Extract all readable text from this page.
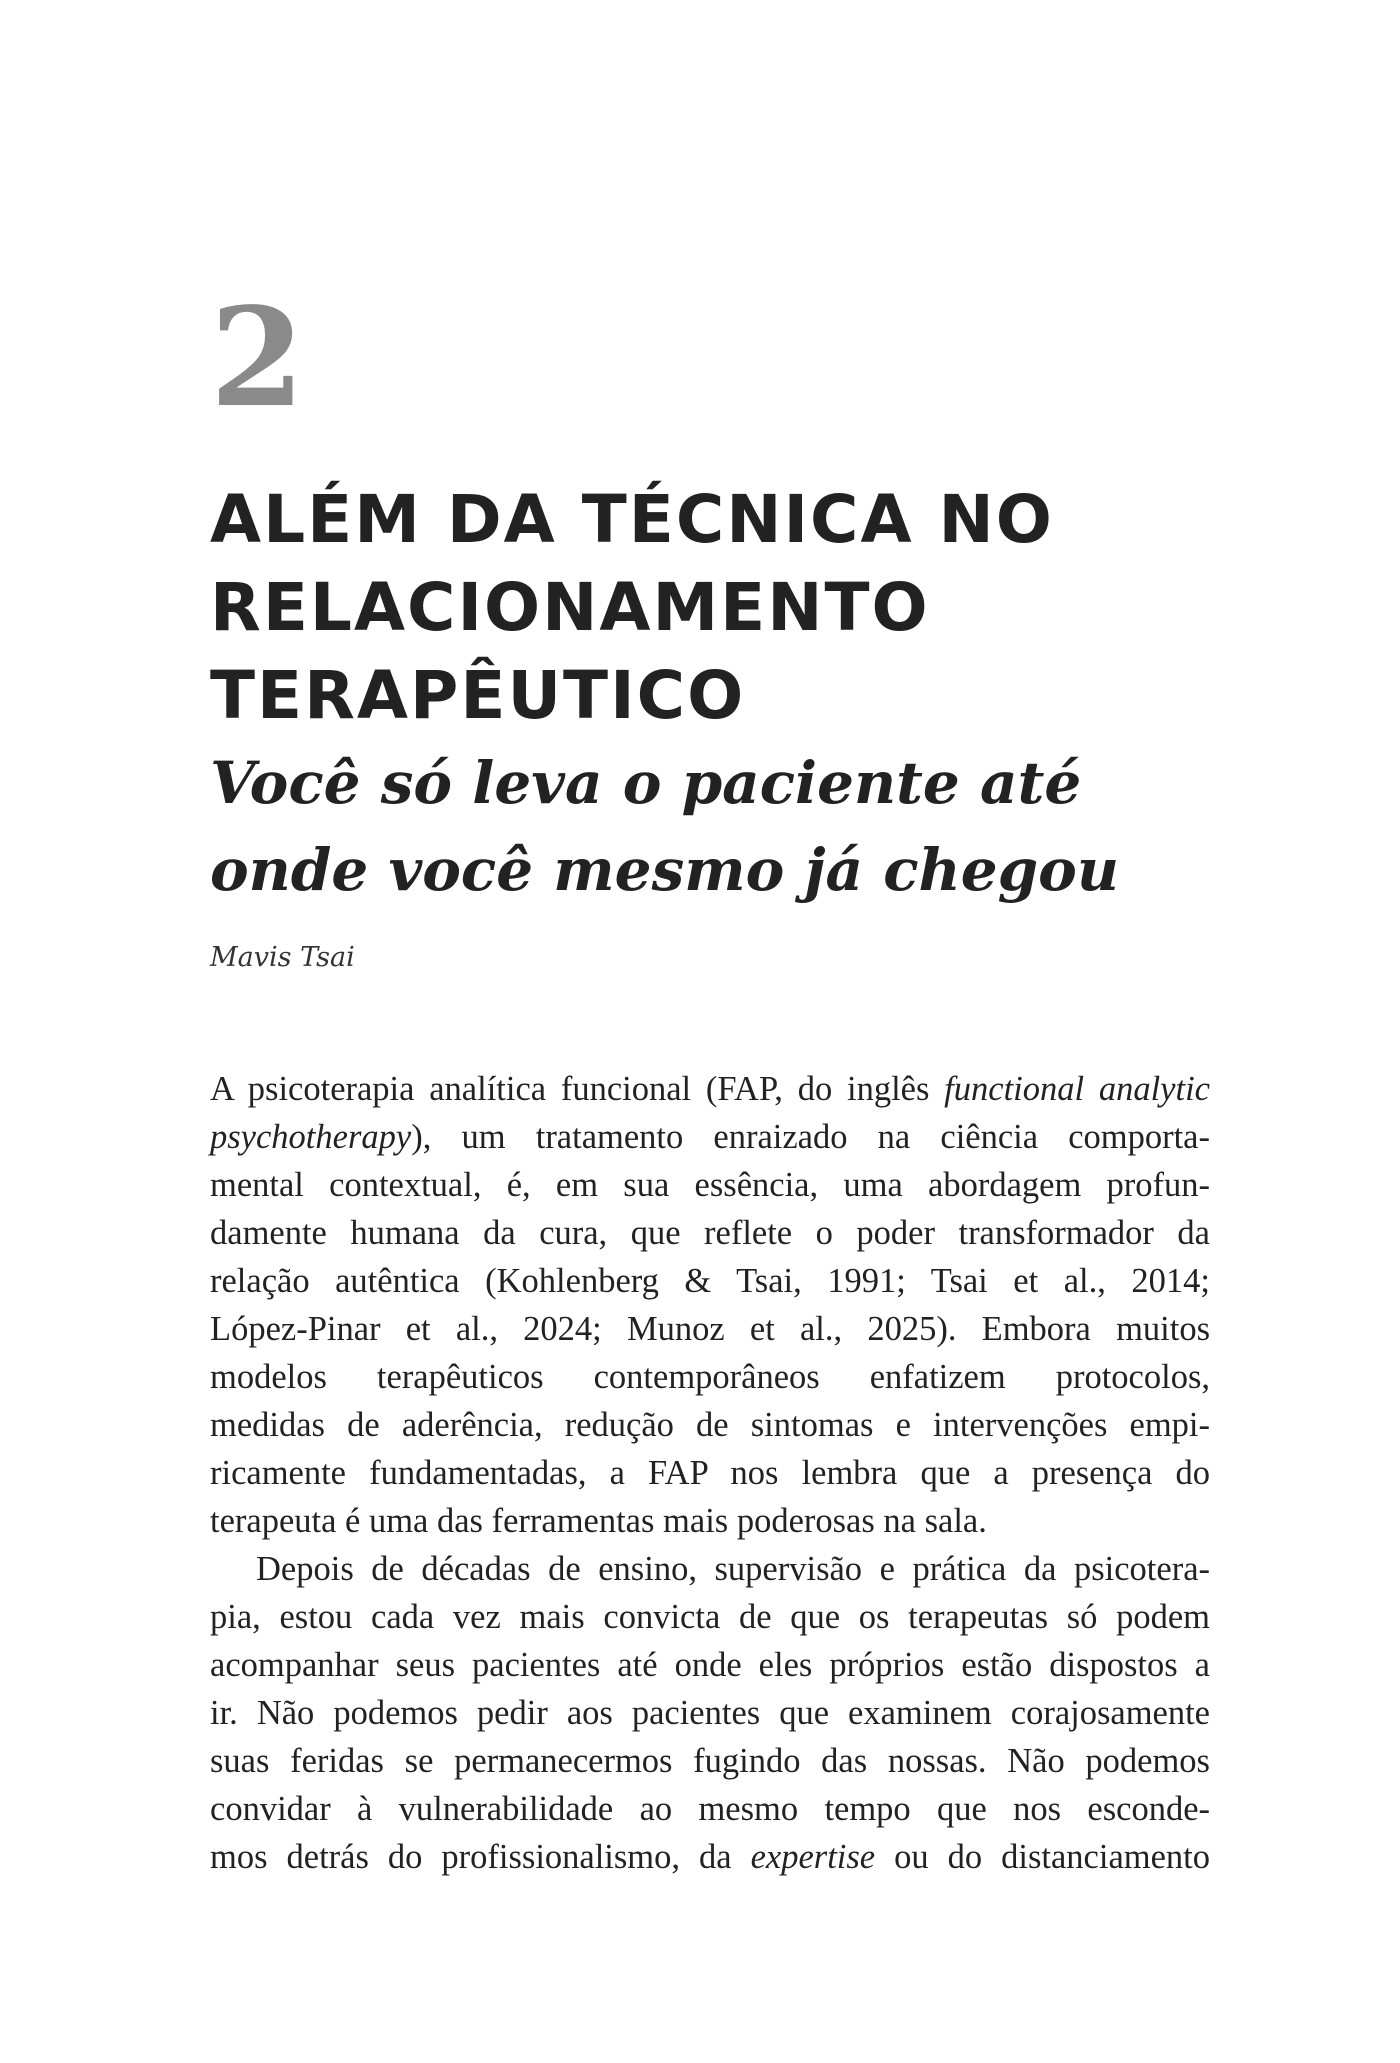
2
ALÉM DA TÉCNICA NO
RELACIONAMENTO
TERAPÊUTICO
Você só leva o paciente até
onde você mesmo já chegou

Mavis Tsai

A psicoterapia analítica funcional (FAP, do inglês functional analytic
psychotherapy), um tratamento enraizado na ciência comporta-
mental contextual, é, em sua essência, uma abordagem profun-
damente humana da cura, que reflete o poder transformador da
relação autêntica (Kohlenberg & Tsai, 1991; Tsai et al., 2014;
López-Pinar et al., 2024; Munoz et al., 2025). Embora muitos
modelos terapêuticos contemporâneos enfatizem protocolos,
medidas de aderência, redução de sintomas e intervenções empi-
ricamente fundamentadas, a FAP nos lembra que a presença do
terapeuta é uma das ferramentas mais poderosas na sala.
Depois de décadas de ensino, supervisão e prática da psicotera-
pia, estou cada vez mais convicta de que os terapeutas só podem
acompanhar seus pacientes até onde eles próprios estão dispostos a
ir. Não podemos pedir aos pacientes que examinem corajosamente
suas feridas se permanecermos fugindo das nossas. Não podemos
convidar à vulnerabilidade ao mesmo tempo que nos esconde-
mos detrás do profissionalismo, da expertise ou do distanciamento
